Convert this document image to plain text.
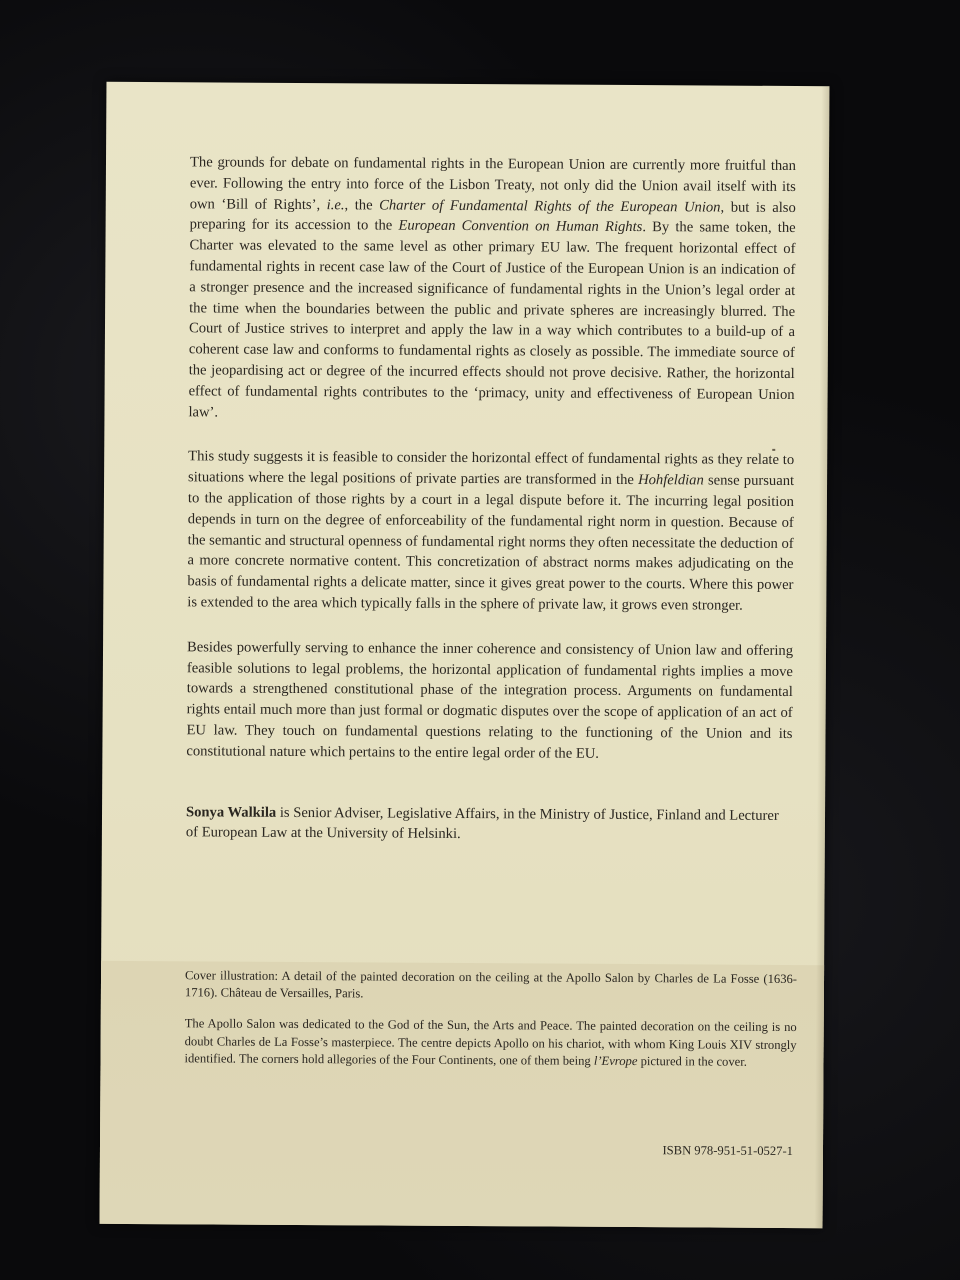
The grounds for debate on fundamental rights in the European Union are currently more fruitful than ever. Following the entry into force of the Lisbon Treaty, not only did the Union avail itself with its own ‘Bill of Rights’, i.e., the Charter of Fundamental Rights of the European Union, but is also preparing for its accession to the European Convention on Human Rights. By the same token, the Charter was elevated to the same level as other primary EU law. The frequent horizontal effect of fundamental rights in recent case law of the Court of Justice of the European Union is an indication of a stronger presence and the increased significance of fundamental rights in the Union’s legal order at the time when the boundaries between the public and private spheres are increasingly blurred. The Court of Justice strives to interpret and apply the law in a way which contributes to a build-up of a coherent case law and conforms to fundamental rights as closely as possible. The immediate source of the jeopardising act or degree of the incurred effects should not prove decisive. Rather, the horizontal effect of fundamental rights contributes to the ‘primacy, unity and effectiveness of European Union law’.

This study suggests it is feasible to consider the horizontal effect of fundamental rights as they relate to situations where the legal positions of private parties are transformed in the Hohfeldian sense pursuant to the application of those rights by a court in a legal dispute before it. The incurring legal position depends in turn on the degree of enforceability of the fundamental right norm in question. Because of the semantic and structural openness of fundamental right norms they often necessitate the deduction of a more concrete normative content. This concretization of abstract norms makes adjudicating on the basis of fundamental rights a delicate matter, since it gives great power to the courts. Where this power is extended to the area which typically falls in the sphere of private law, it grows even stronger.

Besides powerfully serving to enhance the inner coherence and consistency of Union law and offering feasible solutions to legal problems, the horizontal application of fundamental rights implies a move towards a strengthened constitutional phase of the integration process. Arguments on fundamental rights entail much more than just formal or dogmatic disputes over the scope of application of an act of EU law. They touch on fundamental questions relating to the functioning of the Union and its constitutional nature which pertains to the entire legal order of the EU.

Sonya Walkila is Senior Adviser, Legislative Affairs, in the Ministry of Justice, Finland and Lecturer of European Law at the University of Helsinki.

Cover illustration: A detail of the painted decoration on the ceiling at the Apollo Salon by Charles de La Fosse (1636-1716). Château de Versailles, Paris.

The Apollo Salon was dedicated to the God of the Sun, the Arts and Peace. The painted decoration on the ceiling is no doubt Charles de La Fosse’s masterpiece. The centre depicts Apollo on his chariot, with whom King Louis XIV strongly identified. The corners hold allegories of the Four Continents, one of them being l’Evrope pictured in the cover.

ISBN 978-951-51-0527-1
